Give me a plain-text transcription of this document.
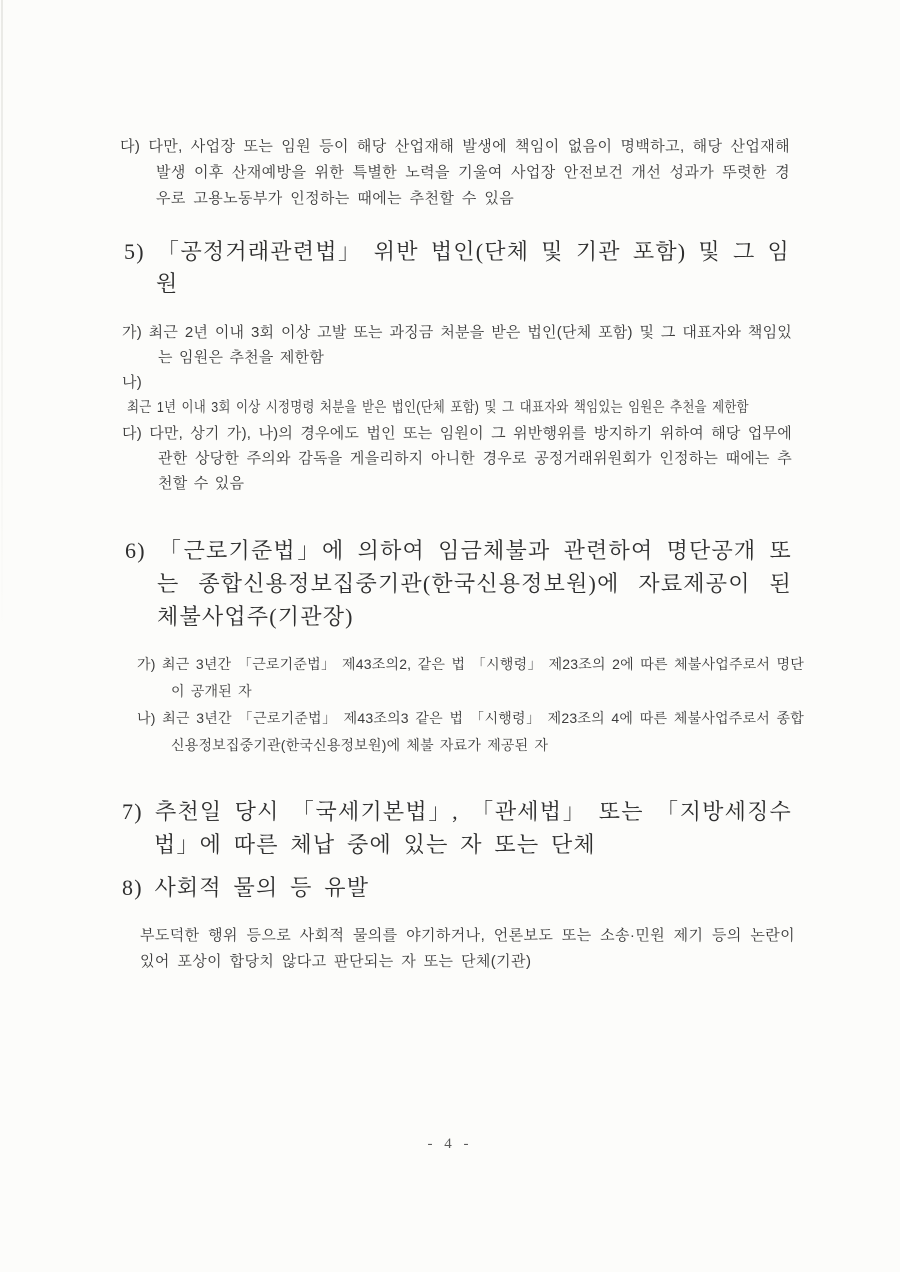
다) 다만, 사업장 또는 임원 등이 해당 산업재해 발생에 책임이 없음이 명백하고, 해당 산업재해 발생 이후 산재예방을 위한 특별한 노력을 기울여 사업장 안전보건 개선 성과가 뚜렷한 경우로 고용노동부가 인정하는 때에는 추천할 수 있음
5) 「공정거래관련법」 위반 법인(단체 및 기관 포함) 및 그 임원
가) 최근 2년 이내 3회 이상 고발 또는 과징금 처분을 받은 법인(단체 포함) 및 그 대표자와 책임있는 임원은 추천을 제한함
나) 최근 1년 이내 3회 이상 시정명령 처분을 받은 법인(단체 포함) 및 그 대표자와 책임있는 임원은 추천을 제한함
다) 다만, 상기 가), 나)의 경우에도 법인 또는 임원이 그 위반행위를 방지하기 위하여 해당 업무에 관한 상당한 주의와 감독을 게을리하지 아니한 경우로 공정거래위원회가 인정하는 때에는 추천할 수 있음
6) 「근로기준법」에 의하여 임금체불과 관련하여 명단공개 또는 종합신용정보집중기관(한국신용정보원)에 자료제공이 된 체불사업주(기관장)
가) 최근 3년간 「근로기준법」 제43조의2, 같은 법 「시행령」 제23조의 2에 따른 체불사업주로서 명단이 공개된 자
나) 최근 3년간 「근로기준법」 제43조의3 같은 법 「시행령」 제23조의 4에 따른 체불사업주로서 종합신용정보집중기관(한국신용정보원)에 체불 자료가 제공된 자
7) 추천일 당시 「국세기본법」, 「관세법」 또는 「지방세징수법」에 따른 체납 중에 있는 자 또는 단체
8) 사회적 물의 등 유발
부도덕한 행위 등으로 사회적 물의를 야기하거나, 언론보도 또는 소송·민원 제기 등의 논란이 있어 포상이 합당치 않다고 판단되는 자 또는 단체(기관)
- 4 -
